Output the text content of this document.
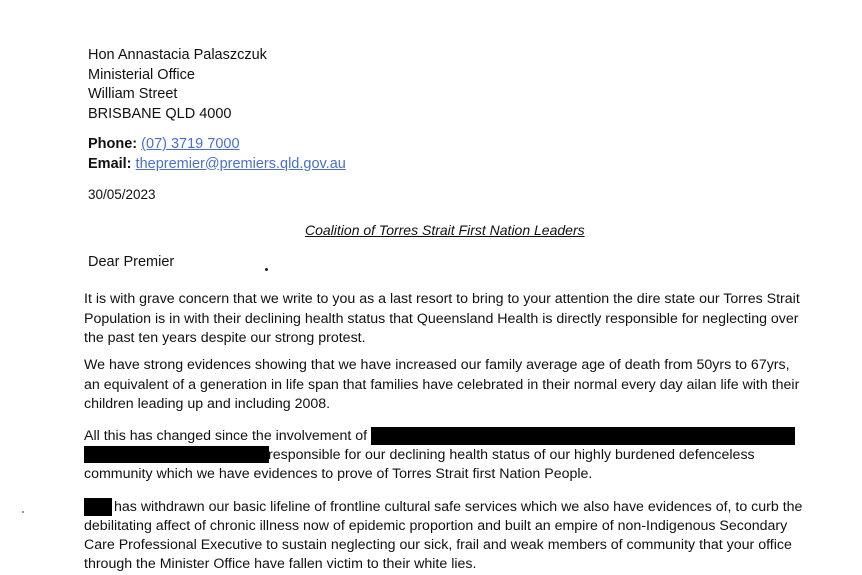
Hon Annastacia Palaszczuk
Ministerial Office
William Street
BRISBANE QLD 4000
Phone: (07) 3719 7000
Email: thepremier@premiers.qld.gov.au
30/05/2023
Coalition of Torres Strait First Nation Leaders
Dear Premier

It is with grave concern that we write to you as a last resort to bring to your attention the dire state our Torres Strait Population is in with their declining health status that Queensland Health is directly responsible for neglecting over the past ten years despite our strong protest.

We have strong evidences showing that we have increased our family average age of death from 50yrs to 67yrs, an equivalent of a generation in life span that families have celebrated in their normal every day ailan life with their children leading up and including 2008.

All this has changed since the involvement of
responsible for our declining health status of our highly burdened defenceless
community which we have evidences to prove of Torres Strait first Nation People.
has withdrawn our basic lifeline of frontline cultural safe services which we also have evidences of, to curb the
debilitating affect of chronic illness now of epidemic proportion and built an empire of non-Indigenous Secondary
Care Professional Executive to sustain neglecting our sick, frail and weak members of community that your office
through the Minister Office have fallen victim to their white lies.
